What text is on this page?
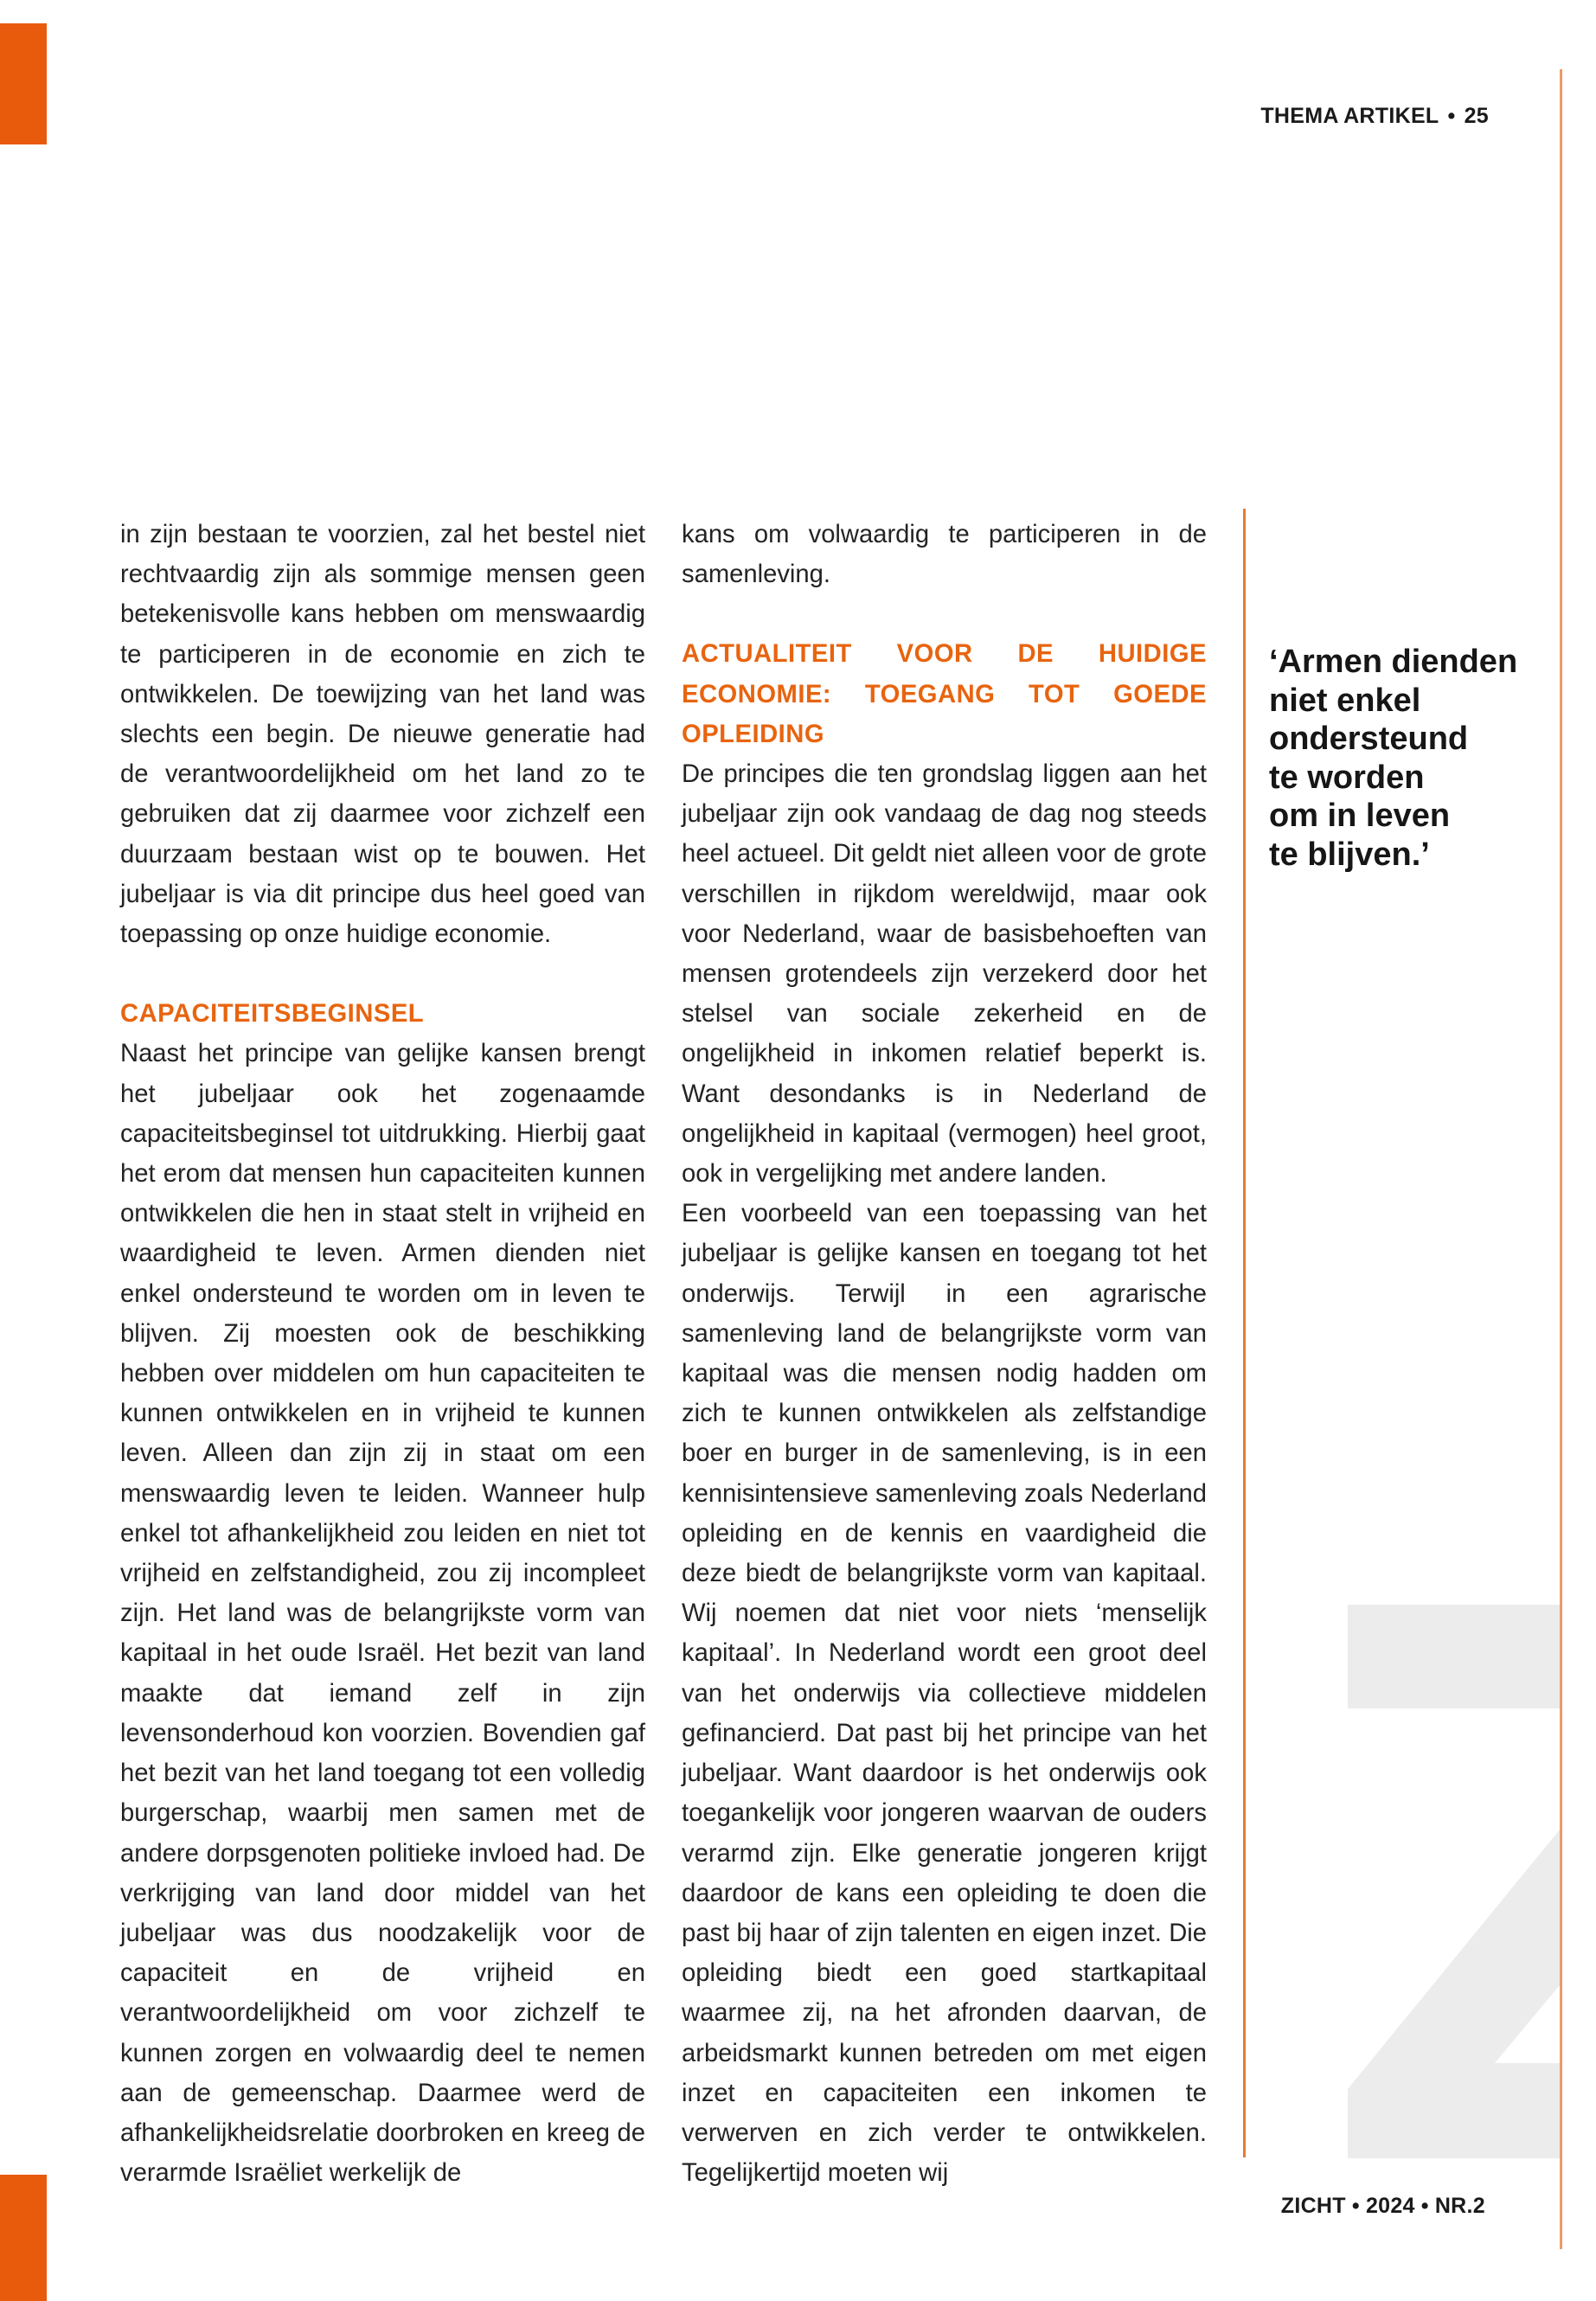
THEMA ARTIKEL • 25

in zijn bestaan te voorzien, zal het bestel niet rechtvaardig zijn als sommige mensen geen betekenisvolle kans hebben om menswaardig te participeren in de economie en zich te ontwikkelen. De toewijzing van het land was slechts een begin. De nieuwe generatie had de verantwoordelijkheid om het land zo te gebruiken dat zij daarmee voor zichzelf een duurzaam bestaan wist op te bouwen. Het jubeljaar is via dit principe dus heel goed van toepassing op onze huidige economie.

CAPACITEITSBEGINSEL

Naast het principe van gelijke kansen brengt het jubeljaar ook het zogenaamde capaciteitsbeginsel tot uitdrukking. Hierbij gaat het erom dat mensen hun capaciteiten kunnen ontwikkelen die hen in staat stelt in vrijheid en waardigheid te leven. Armen dienden niet enkel ondersteund te worden om in leven te blijven. Zij moesten ook de beschikking hebben over middelen om hun capaciteiten te kunnen ontwikkelen en in vrijheid te kunnen leven. Alleen dan zijn zij in staat om een menswaardig leven te leiden. Wanneer hulp enkel tot afhankelijkheid zou leiden en niet tot vrijheid en zelfstandigheid, zou zij incompleet zijn. Het land was de belangrijkste vorm van kapitaal in het oude Israël. Het bezit van land maakte dat iemand zelf in zijn levensonderhoud kon voorzien. Bovendien gaf het bezit van het land toegang tot een volledig burgerschap, waarbij men samen met de andere dorpsgenoten politieke invloed had. De verkrijging van land door middel van het jubeljaar was dus noodzakelijk voor de capaciteit en de vrijheid en verantwoordelijkheid om voor zichzelf te kunnen zorgen en volwaardig deel te nemen aan de gemeenschap. Daarmee werd de afhankelijkheidsrelatie doorbroken en kreeg de verarmde Israëliet werkelijk de

kans om volwaardig te participeren in de samenleving.

ACTUALITEIT VOOR DE HUIDIGE ECONOMIE: TOEGANG TOT GOEDE OPLEIDING

De principes die ten grondslag liggen aan het jubeljaar zijn ook vandaag de dag nog steeds heel actueel. Dit geldt niet alleen voor de grote verschillen in rijkdom wereldwijd, maar ook voor Nederland, waar de basisbehoeften van mensen grotendeels zijn verzekerd door het stelsel van sociale zekerheid en de ongelijkheid in inkomen relatief beperkt is. Want desondanks is in Nederland de ongelijkheid in kapitaal (vermogen) heel groot, ook in vergelijking met andere landen.

Een voorbeeld van een toepassing van het jubeljaar is gelijke kansen en toegang tot het onderwijs. Terwijl in een agrarische samenleving land de belangrijkste vorm van kapitaal was die mensen nodig hadden om zich te kunnen ontwikkelen als zelfstandige boer en burger in de samenleving, is in een kennisintensieve samenleving zoals Nederland opleiding en de kennis en vaardigheid die deze biedt de belangrijkste vorm van kapitaal. Wij noemen dat niet voor niets ‘menselijk kapitaal’. In Nederland wordt een groot deel van het onderwijs via collectieve middelen gefinancierd. Dat past bij het principe van het jubeljaar. Want daardoor is het onderwijs ook toegankelijk voor jongeren waarvan de ouders verarmd zijn. Elke generatie jongeren krijgt daardoor de kans een opleiding te doen die past bij haar of zijn talenten en eigen inzet. Die opleiding biedt een goed startkapitaal waarmee zij, na het afronden daarvan, de arbeidsmarkt kunnen betreden om met eigen inzet en capaciteiten een inkomen te verwerven en zich verder te ontwikkelen. Tegelijkertijd moeten wij

‘Armen dienden
niet enkel
ondersteund
te worden
om in leven
te blijven.’
ZICHT • 2024 • NR.2
